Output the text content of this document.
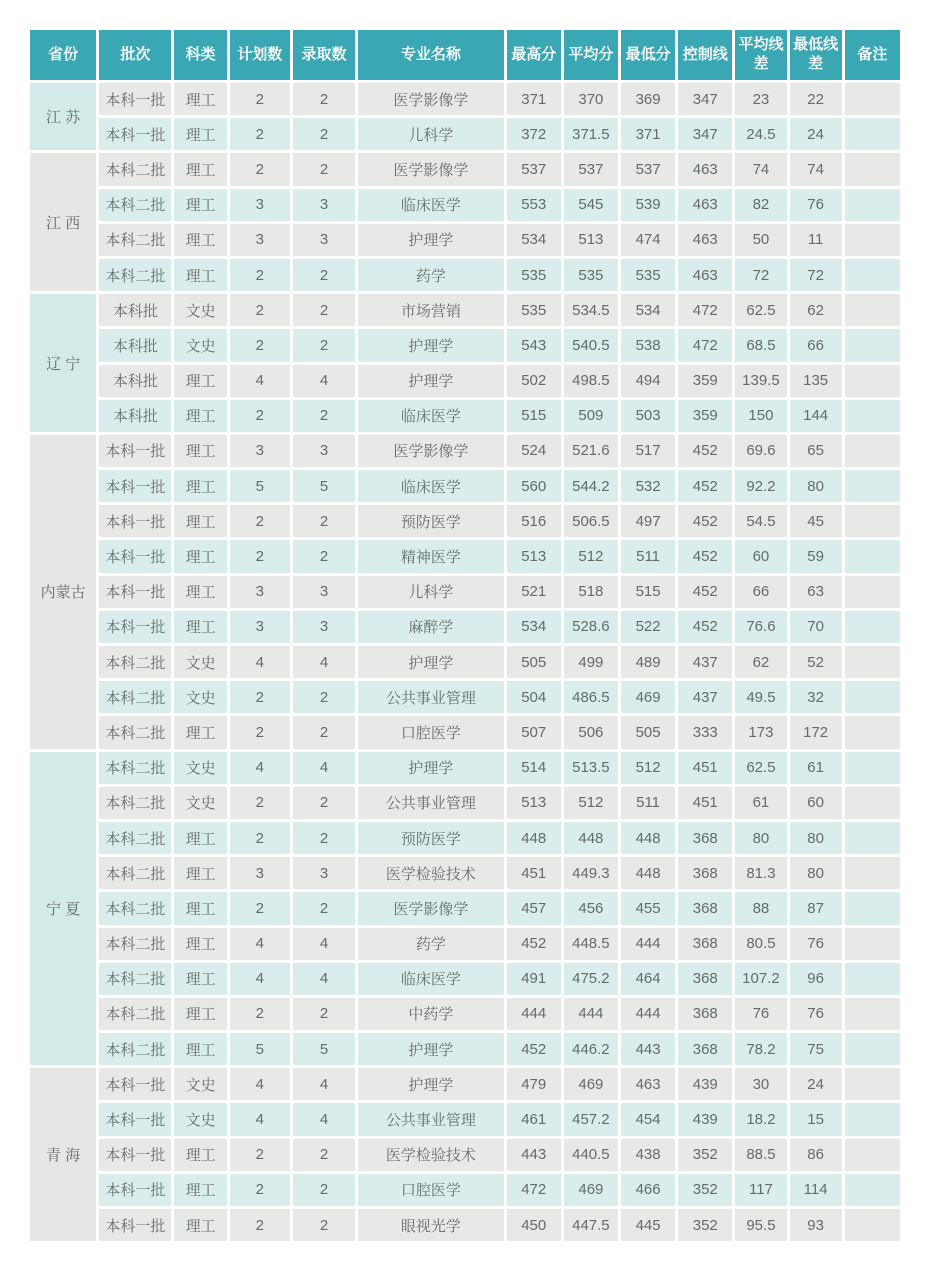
省份	批次	科类	计划数	录取数	专业名称	最高分	平均分	最低分	控制线	平均线差	最低线差	备注
江 苏	本科一批	理工	2	2	医学影像学	371	370	369	347	23	22	
	本科一批	理工	2	2	儿科学	372	371.5	371	347	24.5	24	
江 西	本科二批	理工	2	2	医学影像学	537	537	537	463	74	74	
	本科二批	理工	3	3	临床医学	553	545	539	463	82	76	
	本科二批	理工	3	3	护理学	534	513	474	463	50	11	
	本科二批	理工	2	2	药学	535	535	535	463	72	72	
辽 宁	本科批	文史	2	2	市场营销	535	534.5	534	472	62.5	62	
	本科批	文史	2	2	护理学	543	540.5	538	472	68.5	66	
	本科批	理工	4	4	护理学	502	498.5	494	359	139.5	135	
	本科批	理工	2	2	临床医学	515	509	503	359	150	144	
内蒙古	本科一批	理工	3	3	医学影像学	524	521.6	517	452	69.6	65	
	本科一批	理工	5	5	临床医学	560	544.2	532	452	92.2	80	
	本科一批	理工	2	2	预防医学	516	506.5	497	452	54.5	45	
	本科一批	理工	2	2	精神医学	513	512	511	452	60	59	
	本科一批	理工	3	3	儿科学	521	518	515	452	66	63	
	本科一批	理工	3	3	麻醉学	534	528.6	522	452	76.6	70	
	本科二批	文史	4	4	护理学	505	499	489	437	62	52	
	本科二批	文史	2	2	公共事业管理	504	486.5	469	437	49.5	32	
	本科二批	理工	2	2	口腔医学	507	506	505	333	173	172	
宁 夏	本科二批	文史	4	4	护理学	514	513.5	512	451	62.5	61	
	本科二批	文史	2	2	公共事业管理	513	512	511	451	61	60	
	本科二批	理工	2	2	预防医学	448	448	448	368	80	80	
	本科二批	理工	3	3	医学检验技术	451	449.3	448	368	81.3	80	
	本科二批	理工	2	2	医学影像学	457	456	455	368	88	87	
	本科二批	理工	4	4	药学	452	448.5	444	368	80.5	76	
	本科二批	理工	4	4	临床医学	491	475.2	464	368	107.2	96	
	本科二批	理工	2	2	中药学	444	444	444	368	76	76	
	本科二批	理工	5	5	护理学	452	446.2	443	368	78.2	75	
青 海	本科一批	文史	4	4	护理学	479	469	463	439	30	24	
	本科一批	文史	4	4	公共事业管理	461	457.2	454	439	18.2	15	
	本科一批	理工	2	2	医学检验技术	443	440.5	438	352	88.5	86	
	本科一批	理工	2	2	口腔医学	472	469	466	352	117	114	
	本科一批	理工	2	2	眼视光学	450	447.5	445	352	95.5	93	
